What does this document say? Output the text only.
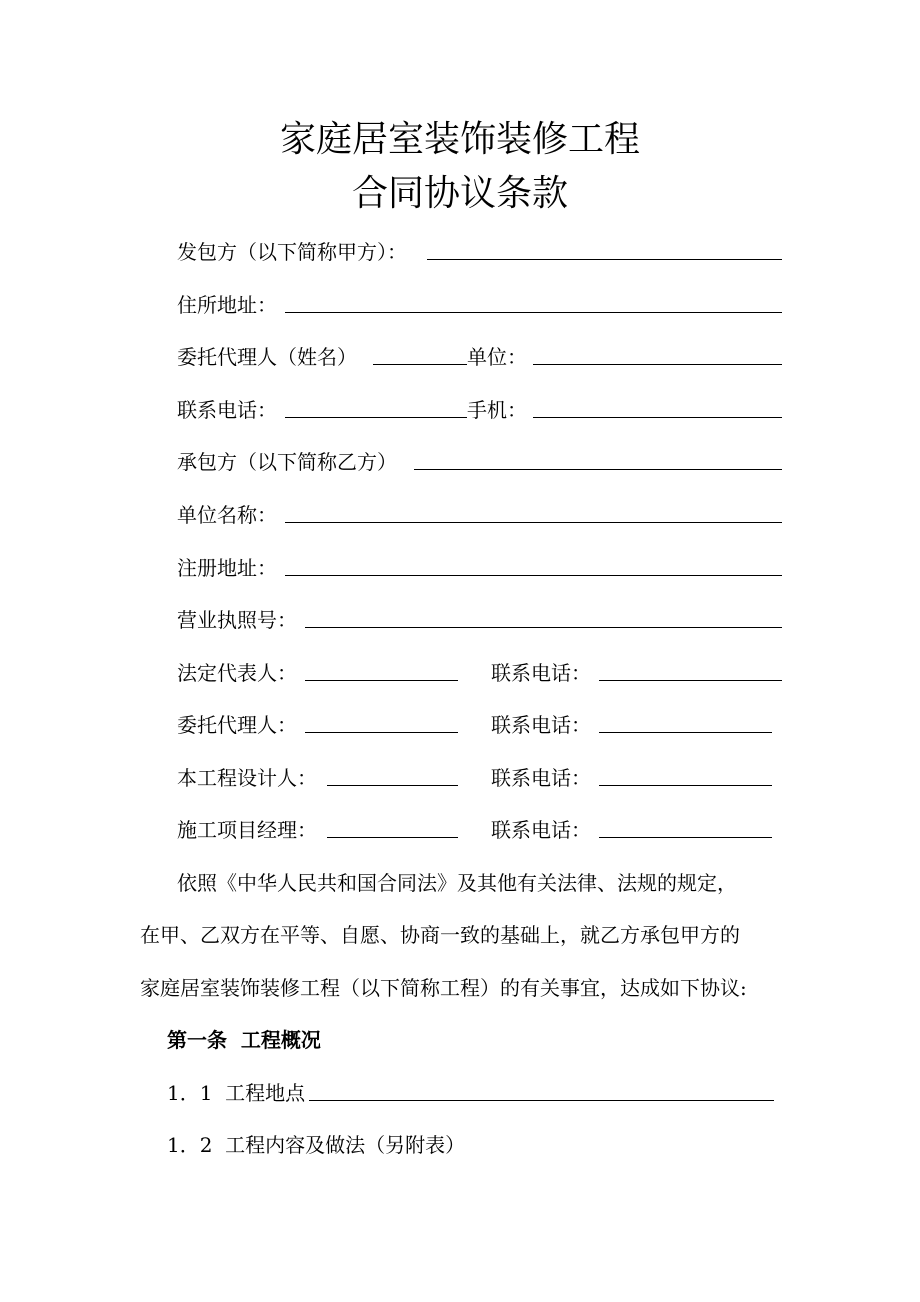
家庭居室装饰装修工程
合同协议条款
发包方（以下简称甲方）：
住所地址：
委托代理人（姓名）	单位：
联系电话：	手机：
承包方（以下简称乙方）
单位名称：
注册地址：
营业执照号：
法定代表人：	联系电话：
委托代理人：	联系电话：
本工程设计人：	联系电话：
施工项目经理：	联系电话：
依照《中华人民共和国合同法》及其他有关法律、法规的规定，
在甲、乙双方在平等、自愿、协商一致的基础上，就乙方承包甲方的
家庭居室装饰装修工程（以下简称工程）的有关事宜，达成如下协议:
第一条  工程概况
1．1  工程地点
1．2  工程内容及做法（另附表）
